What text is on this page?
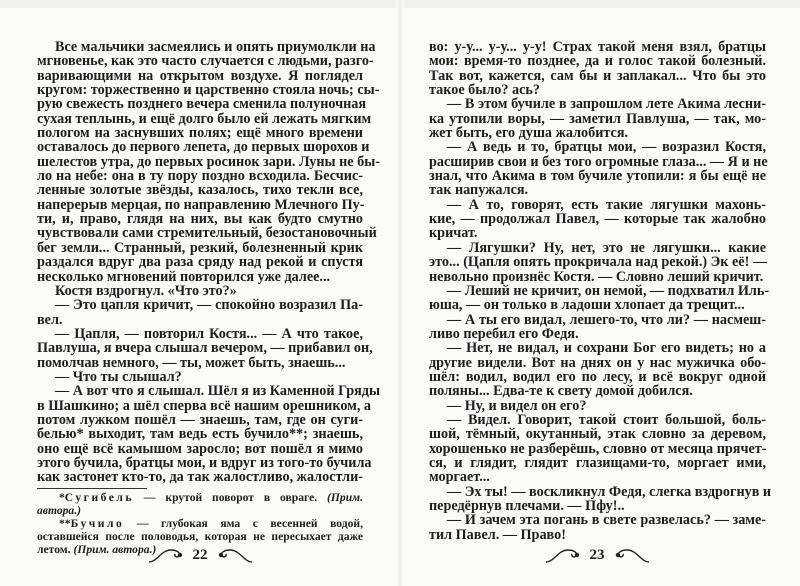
Все мальчики засмеялись и опять приумолкли на
мгновенье, как это часто случается с людьми, разго-
варивающими на открытом воздухе. Я поглядел
кругом: торжественно и царственно стояла ночь; сы-
рую свежесть позднего вечера сменила полуночная
сухая теплынь, и ещё долго было ей лежать мягким
пологом на заснувших полях; ещё много времени
оставалось до первого лепета, до первых шорохов и
шелестов утра, до первых росинок зари. Луны не бы-
ло на небе: она в ту пору поздно всходила. Бесчис-
ленные золотые звёзды, казалось, тихо текли все,
наперерыв мерцая, по направлению Млечного Пу-
ти, и, право, глядя на них, вы как будто смутно
чувствовали сами стремительный, безостановочный
бег земли... Странный, резкий, болезненный крик
раздался вдруг два раза сряду над рекой и спустя
несколько мгновений повторился уже далее...
Костя вздрогнул. «Что это?»
— Это цапля кричит, — спокойно возразил Па-
вел.
— Цапля, — повторил Костя... — А что такое,
Павлуша, я вчера слышал вечером, — прибавил он,
помолчав немного, — ты, может быть, знаешь...
— Что ты слышал?
— А вот что я слышал. Шёл я из Каменной Гряды
в Шашкино; а шёл сперва всё нашим орешником, а
потом лужком пошёл — знаешь, там, где он суги-
белью* выходит, там ведь есть бучило**; знаешь,
оно ещё всё камышом заросло; вот пошёл я мимо
этого бучила, братцы мои, и вдруг из того-то бучила
как застонет кто-то, да так жалостливо, жалостли-
*Сугибель — крутой поворот в овраге. (Прим. автора.)
**Бучило — глубокая яма с весенней водой, оставшейся после половодья, которая не пересыхает даже летом. (Прим. автора.)
во: у-у... у-у... у-у! Страх такой меня взял, братцы
мои: время-то позднее, да и голос такой болезный.
Так вот, кажется, сам бы и заплакал... Что бы это
такое было? ась?
— В этом бучиле в запрошлом лете Акима лесни-
ка утопили воры, — заметил Павлуша, — так, мо-
жет быть, его душа жалобится.
— А ведь и то, братцы мои, — возразил Костя,
расширив свои и без того огромные глаза... — Я и не
знал, что Акима в том бучиле утопили: я бы ещё не
так напужался.
— А то, говорят, есть такие лягушки махонь-
кие, — продолжал Павел, — которые так жалобно
кричат.
— Лягушки? Ну, нет, это не лягушки... какие
это... (Цапля опять прокричала над рекой.) Эк её! —
невольно произнёс Костя. — Словно леший кричит.
— Леший не кричит, он немой, — подхватил Иль-
юша, — он только в ладоши хлопает да трещит...
— А ты его видал, лешего-то, что ли? — насмеш-
ливо перебил его Федя.
— Нет, не видал, и сохрани Бог его видеть; но а
другие видели. Вот на днях он у нас мужичка обо-
шёл: водил, водил его по лесу, и всё вокруг одной
поляны... Едва-те к свету домой добился.
— Ну, и видел он его?
— Видел. Говорит, такой стоит большой, боль-
шой, тёмный, окутанный, этак словно за деревом,
хорошенько не разберёшь, словно от месяца прячет-
ся, и глядит, глядит глазищами-то, моргает ими,
моргает...
— Эх ты! — воскликнул Федя, слегка вздрогнув и
передёрнув плечами. — Пфу!..
— И зачем эта погань в свете развелась? — заме-
тил Павел. — Право!
22	23
